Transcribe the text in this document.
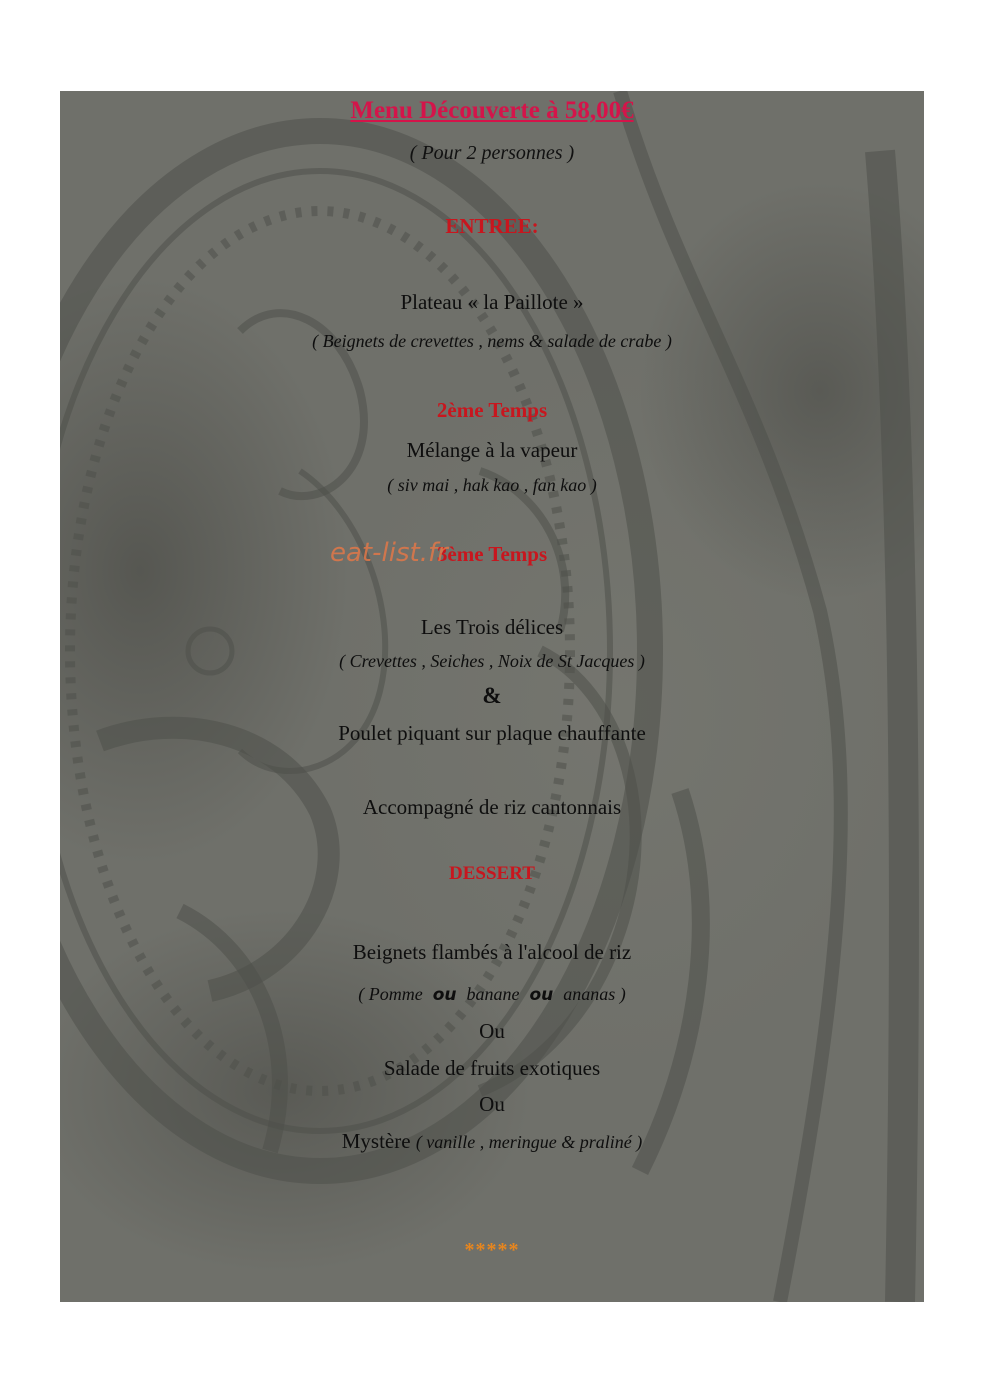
Menu Découverte à 58,00€
( Pour 2 personnes )
ENTREE:
Plateau « la Paillote »
( Beignets de crevettes , nems & salade de crabe )
2ème Temps
Mélange à la vapeur
( siv mai , hak kao , fan kao )
3ème Temps
Les Trois délices
( Crevettes , Seiches , Noix de St Jacques )
&
Poulet piquant sur plaque chauffante
Accompagné de riz cantonnais
DESSERT
Beignets flambés à l'alcool de riz
( Pomme ou banane ou ananas )
Ou
Salade de fruits exotiques
Ou
Mystère ( vanille , meringue & praliné )
*****
eat-list.fr
